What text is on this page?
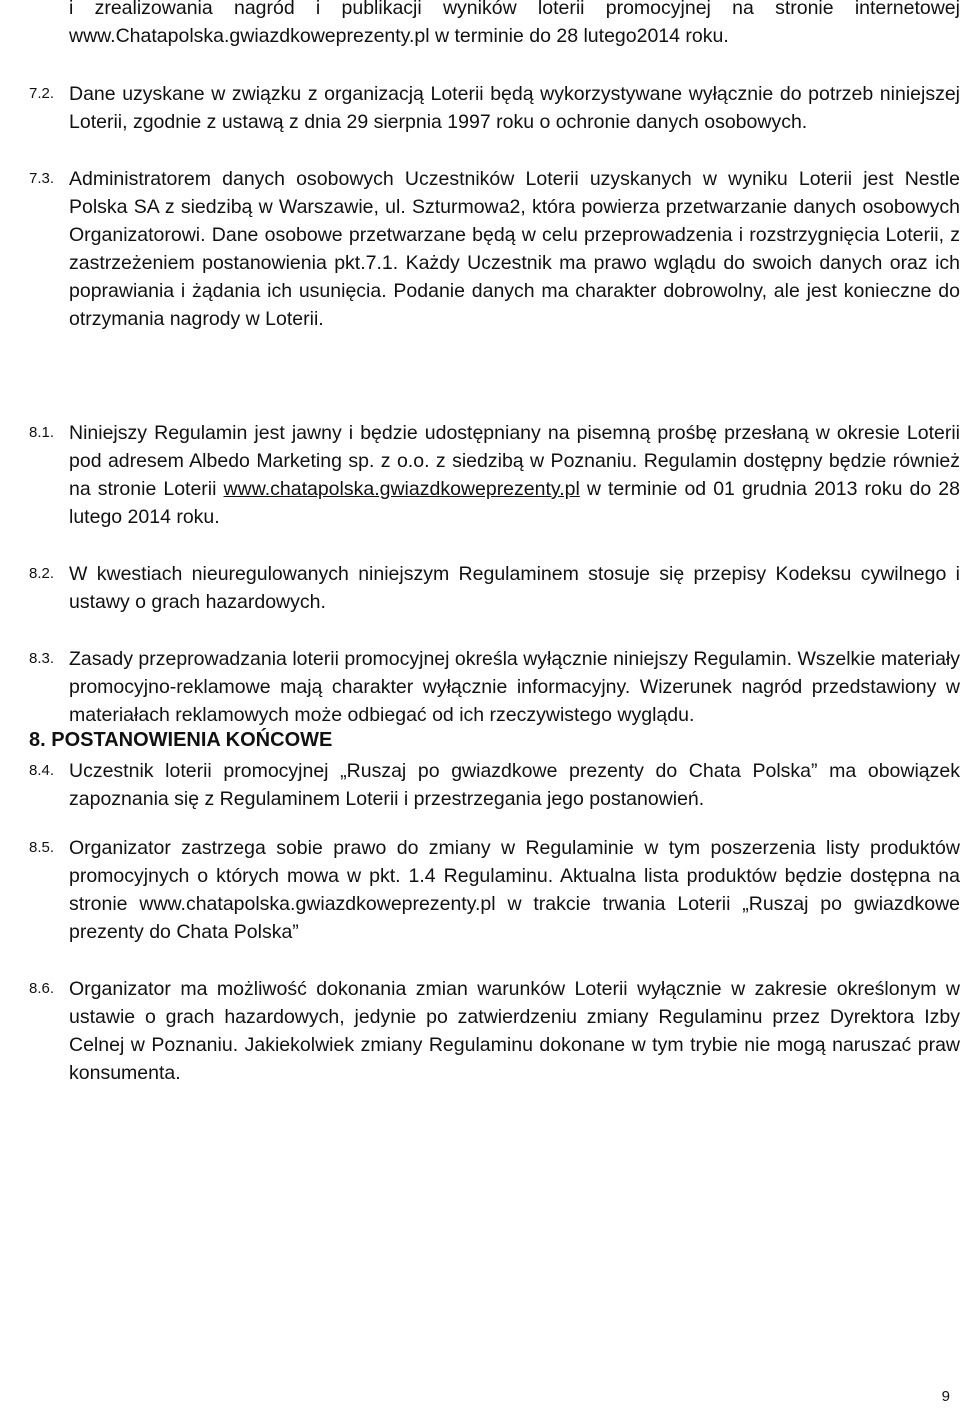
i zrealizowania nagród i publikacji wyników loterii promocyjnej na stronie internetowej www.Chatapolska.gwiazdkoweprezenty.pl w terminie do 28 lutego2014 roku.
7.2. Dane uzyskane w związku z organizacją Loterii będą wykorzystywane wyłącznie do potrzeb niniejszej Loterii, zgodnie z ustawą z dnia 29 sierpnia 1997 roku o ochronie danych osobowych.
7.3. Administratorem danych osobowych Uczestników Loterii uzyskanych w wyniku Loterii jest Nestle Polska SA z siedzibą w Warszawie, ul. Szturmowa2, która powierza przetwarzanie danych osobowych Organizatorowi. Dane osobowe przetwarzane będą w celu przeprowadzenia i rozstrzygnięcia Loterii, z zastrzeżeniem postanowienia pkt.7.1. Każdy Uczestnik ma prawo wglądu do swoich danych oraz ich poprawiania i żądania ich usunięcia. Podanie danych ma charakter dobrowolny, ale jest konieczne do otrzymania nagrody w Loterii.
8. POSTANOWIENIA KOŃCOWE
8.1. Niniejszy Regulamin jest jawny i będzie udostępniany na pisemną prośbę przesłaną w okresie Loterii pod adresem Albedo Marketing sp. z o.o. z siedzibą w Poznaniu. Regulamin dostępny będzie również na stronie Loterii www.chatapolska.gwiazdkoweprezenty.pl w terminie od 01 grudnia 2013 roku do 28 lutego 2014 roku.
8.2. W kwestiach nieuregulowanych niniejszym Regulaminem stosuje się przepisy Kodeksu cywilnego i ustawy o grach hazardowych.
8.3. Zasady przeprowadzania loterii promocyjnej określa wyłącznie niniejszy Regulamin. Wszelkie materiały promocyjno-reklamowe mają charakter wyłącznie informacyjny. Wizerunek nagród przedstawiony w materiałach reklamowych może odbiegać od ich rzeczywistego wyglądu.
8.4. Uczestnik loterii promocyjnej „Ruszaj po gwiazdkowe prezenty do Chata Polska” ma obowiązek zapoznania się z Regulaminem Loterii i przestrzegania jego postanowień.
8.5. Organizator zastrzega sobie prawo do zmiany w Regulaminie w tym poszerzenia listy produktów promocyjnych o których mowa w pkt. 1.4 Regulaminu. Aktualna lista produktów będzie dostępna na stronie www.chatapolska.gwiazdkoweprezenty.pl w trakcie trwania Loterii „Ruszaj po gwiazdkowe prezenty do Chata Polska”
8.6. Organizator ma możliwość dokonania zmian warunków Loterii wyłącznie w zakresie określonym w ustawie o grach hazardowych, jedynie po zatwierdzeniu zmiany Regulaminu przez Dyrektora Izby Celnej w Poznaniu. Jakiekolwiek zmiany Regulaminu dokonane w tym trybie nie mogą naruszać praw konsumenta.
9
